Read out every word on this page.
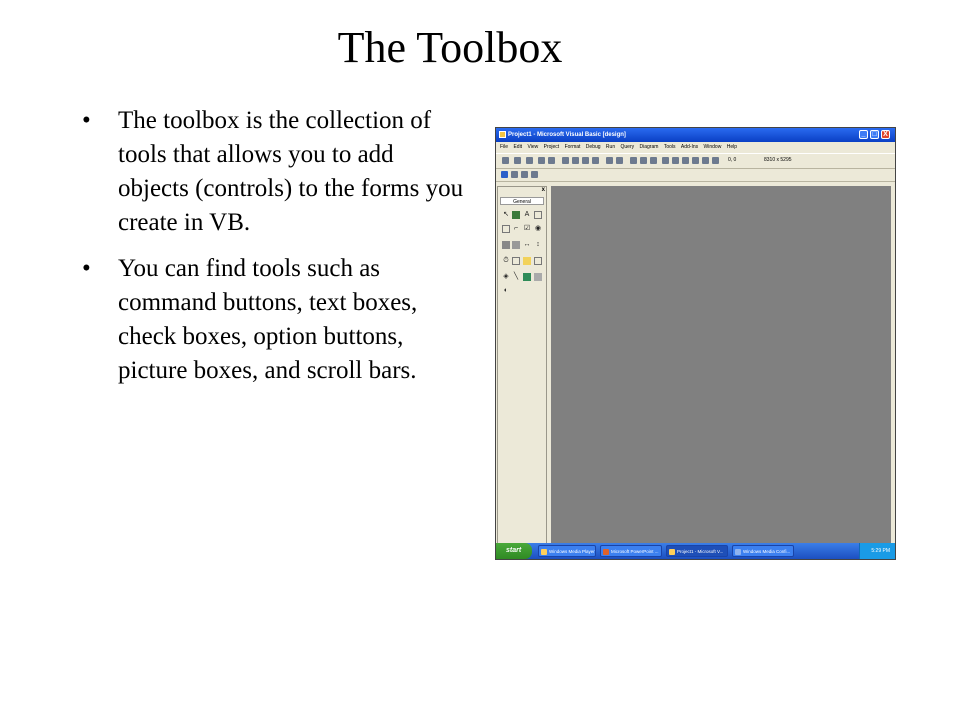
The Toolbox
• The toolbox is the collection of tools that allows you to add objects (controls) to the forms you create in VB.
• You can find tools such as command buttons, text boxes, check boxes, option buttons, picture boxes, and scroll bars.
Project1 - Microsoft Visual Basic [design]	_ □ X
File Edit View Project Format Debug Run Query Diagram Tools Add-Ins Window Help
0, 0	8310 x 5295
x
General
↖ A
⌐ ☑ ◉
↔ ↕
⏱
◈ ╲
◐
start	Windows Media Player	Microsoft PowerPoint ...	Project1 - Microsoft V...	Windows Media Confi...	5:29 PM
